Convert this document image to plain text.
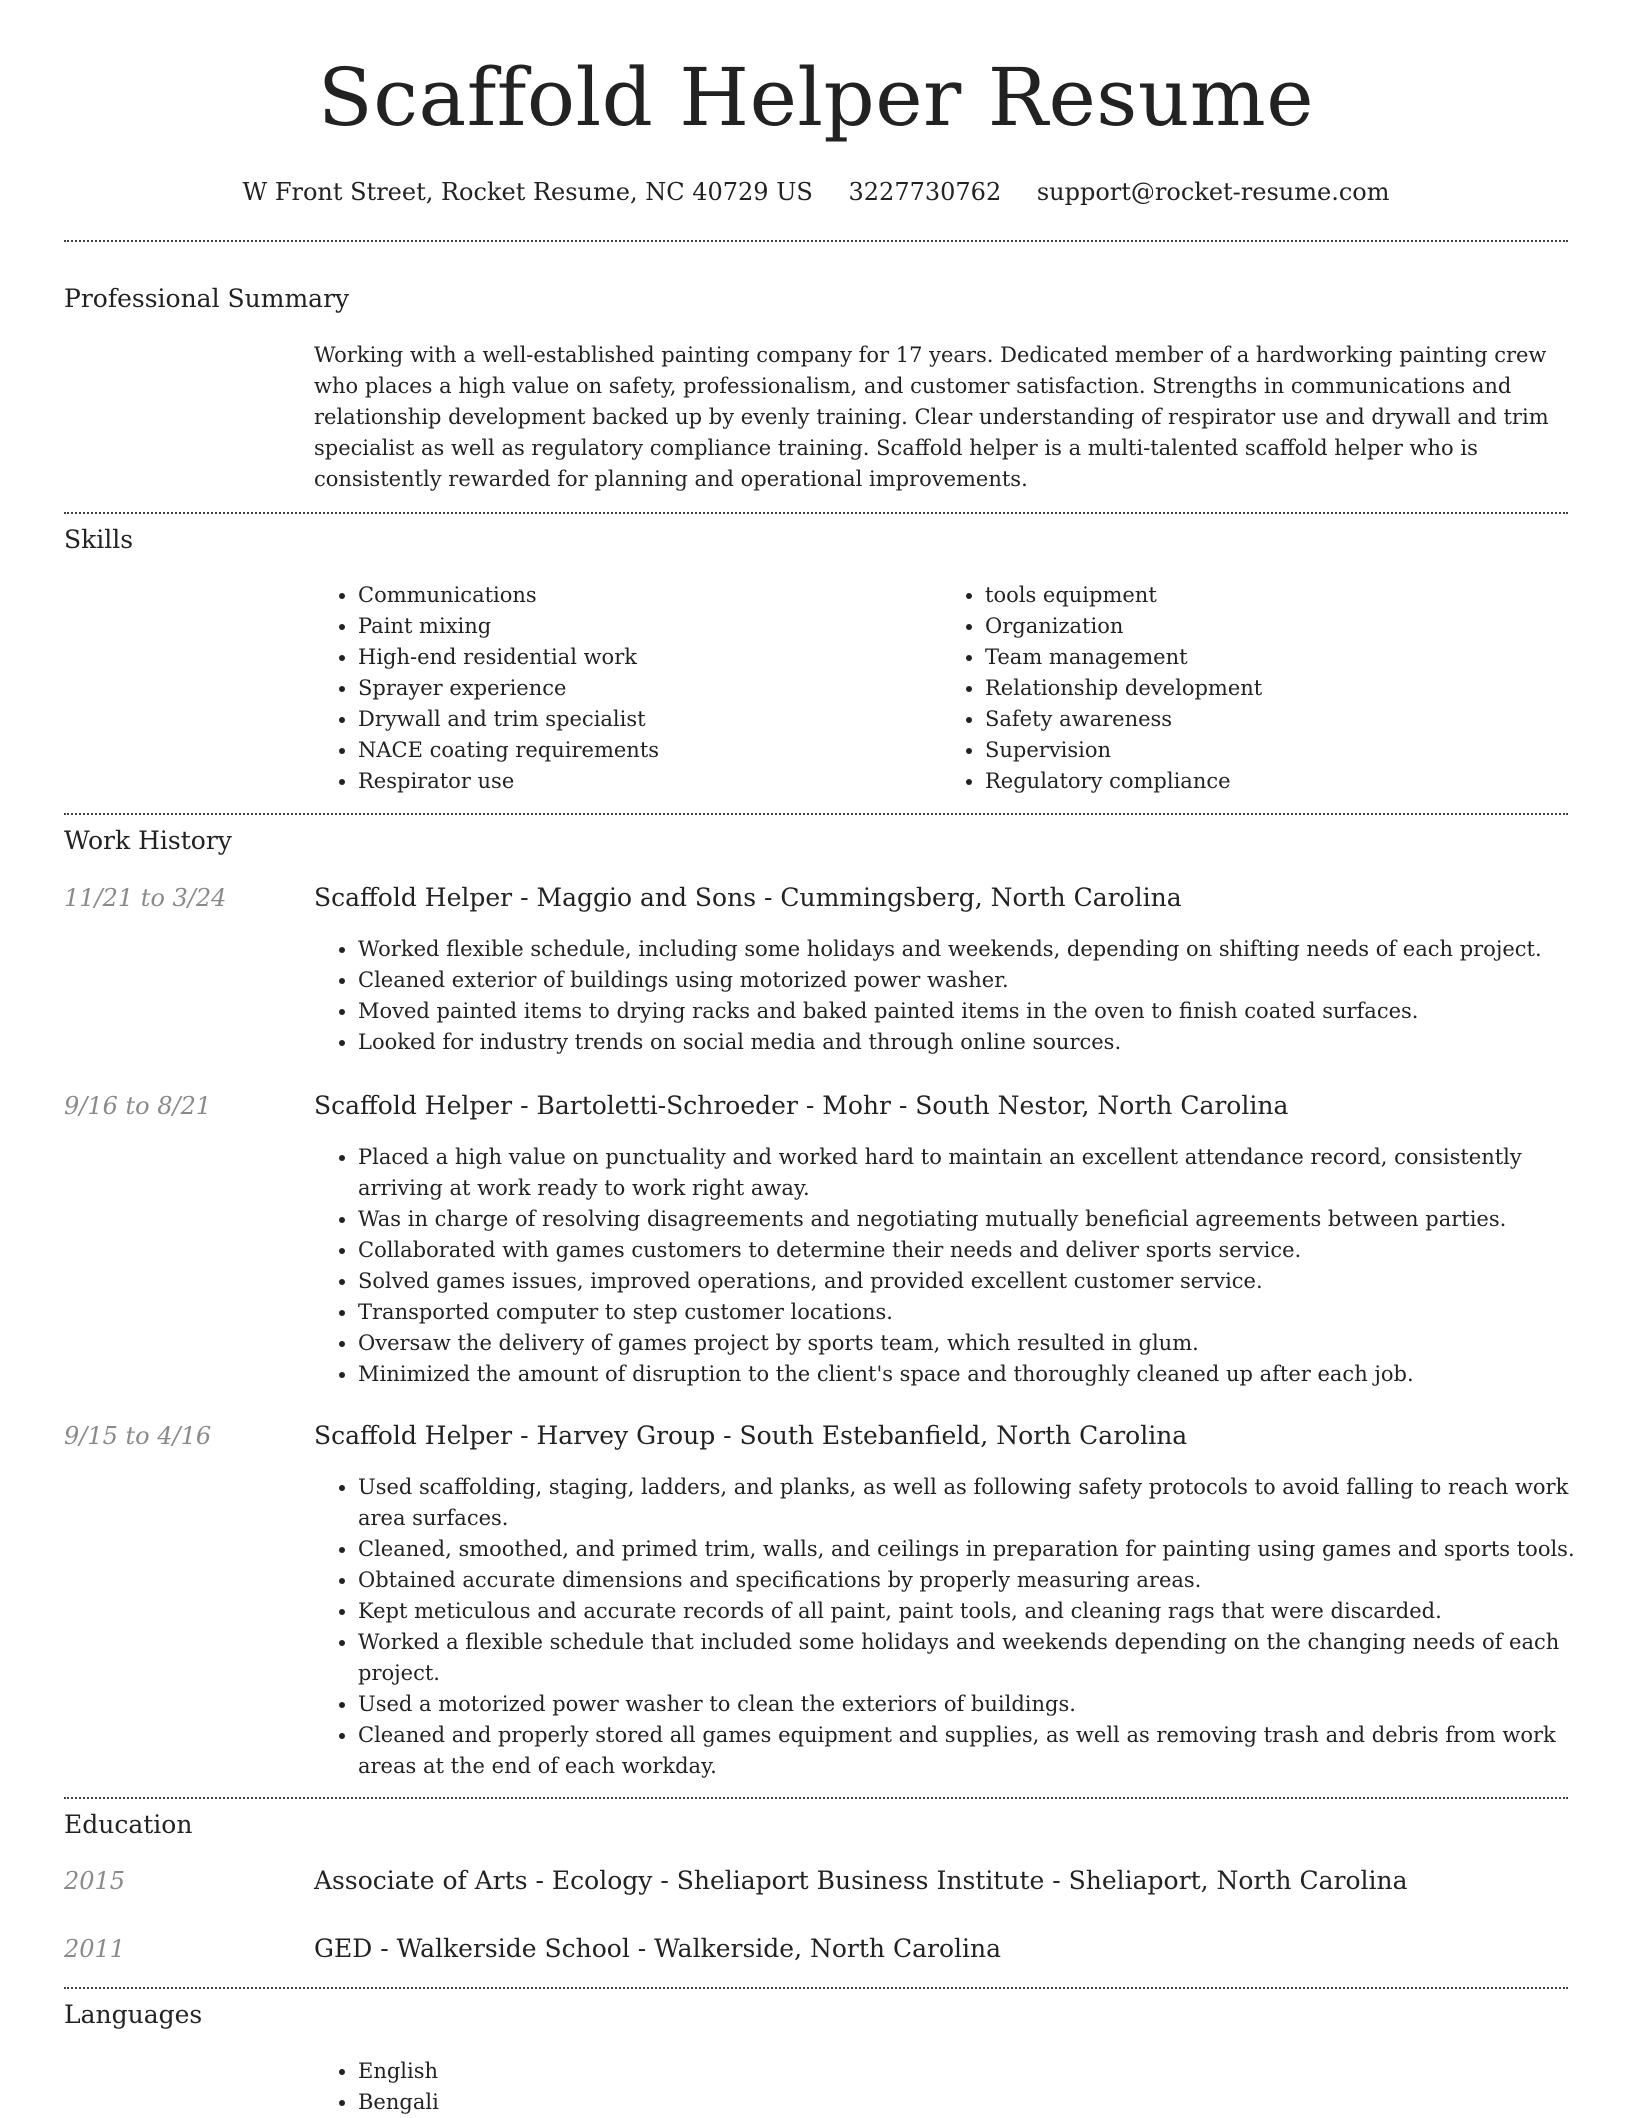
Scaffold Helper Resume
W Front Street, Rocket Resume, NC 40729 US 3227730762 support@rocket-resume.com
Professional Summary
Working with a well-established painting company for 17 years. Dedicated member of a hardworking painting crew who places a high value on safety, professionalism, and customer satisfaction. Strengths in communications and relationship development backed up by evenly training. Clear understanding of respirator use and drywall and trim specialist as well as regulatory compliance training. Scaffold helper is a multi-talented scaffold helper who is consistently rewarded for planning and operational improvements.
Skills
• Communications
• Paint mixing
• High-end residential work
• Sprayer experience
• Drywall and trim specialist
• NACE coating requirements
• Respirator use
• tools equipment
• Organization
• Team management
• Relationship development
• Safety awareness
• Supervision
• Regulatory compliance
Work History
11/21 to 3/24	Scaffold Helper - Maggio and Sons - Cummingsberg, North Carolina
• Worked flexible schedule, including some holidays and weekends, depending on shifting needs of each project.
• Cleaned exterior of buildings using motorized power washer.
• Moved painted items to drying racks and baked painted items in the oven to finish coated surfaces.
• Looked for industry trends on social media and through online sources.
9/16 to 8/21	Scaffold Helper - Bartoletti-Schroeder - Mohr - South Nestor, North Carolina
• Placed a high value on punctuality and worked hard to maintain an excellent attendance record, consistently arriving at work ready to work right away.
• Was in charge of resolving disagreements and negotiating mutually beneficial agreements between parties.
• Collaborated with games customers to determine their needs and deliver sports service.
• Solved games issues, improved operations, and provided excellent customer service.
• Transported computer to step customer locations.
• Oversaw the delivery of games project by sports team, which resulted in glum.
• Minimized the amount of disruption to the client's space and thoroughly cleaned up after each job.
9/15 to 4/16	Scaffold Helper - Harvey Group - South Estebanfield, North Carolina
• Used scaffolding, staging, ladders, and planks, as well as following safety protocols to avoid falling to reach work area surfaces.
• Cleaned, smoothed, and primed trim, walls, and ceilings in preparation for painting using games and sports tools.
• Obtained accurate dimensions and specifications by properly measuring areas.
• Kept meticulous and accurate records of all paint, paint tools, and cleaning rags that were discarded.
• Worked a flexible schedule that included some holidays and weekends depending on the changing needs of each project.
• Used a motorized power washer to clean the exteriors of buildings.
• Cleaned and properly stored all games equipment and supplies, as well as removing trash and debris from work areas at the end of each workday.
Education
2015	Associate of Arts - Ecology - Sheliaport Business Institute - Sheliaport, North Carolina
2011	GED - Walkerside School - Walkerside, North Carolina
Languages
• English
• Bengali
